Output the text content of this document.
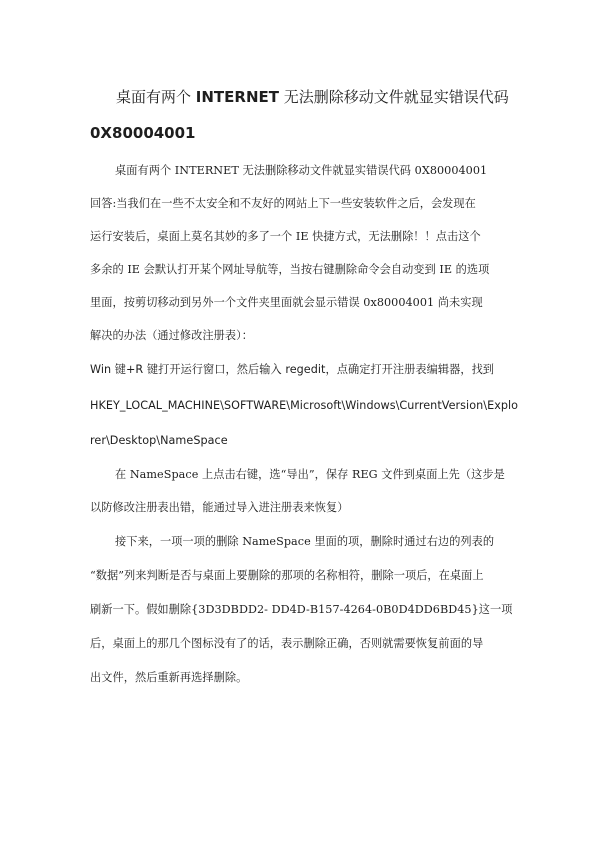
桌面有两个 INTERNET 无法删除移动文件就显实错误代码
0X80004001
桌面有两个 INTERNET 无法删除移动文件就显实错误代码 0X80004001
回答:当我们在一些不太安全和不友好的网站上下一些安装软件之后，会发现在
运行安装后，桌面上莫名其妙的多了一个 IE 快捷方式，无法删除！！点击这个
多余的 IE 会默认打开某个网址导航等，当按右键删除命令会自动变到 IE 的选项
里面，按剪切移动到另外一个文件夹里面就会显示错误 0x80004001 尚未实现
解决的办法（通过修改注册表）：
Win 键+R 键打开运行窗口，然后输入 regedit，点确定打开注册表编辑器，找到
HKEY_LOCAL_MACHINE\SOFTWARE\Microsoft\Windows\CurrentVersion\Explo
rer\Desktop\NameSpace
在 NameSpace 上点击右键，选“导出”，保存 REG 文件到桌面上先（这步是
以防修改注册表出错，能通过导入进注册表来恢复）
接下来，一项一项的删除 NameSpace 里面的项，删除时通过右边的列表的
“数据”列来判断是否与桌面上要删除的那项的名称相符，删除一项后，在桌面上
刷新一下。假如删除{3D3DBDD2- DD4D-B157-4264-0B0D4DD6BD45}这一项
后，桌面上的那几个图标没有了的话，表示删除正确，否则就需要恢复前面的导
出文件，然后重新再选择删除。
